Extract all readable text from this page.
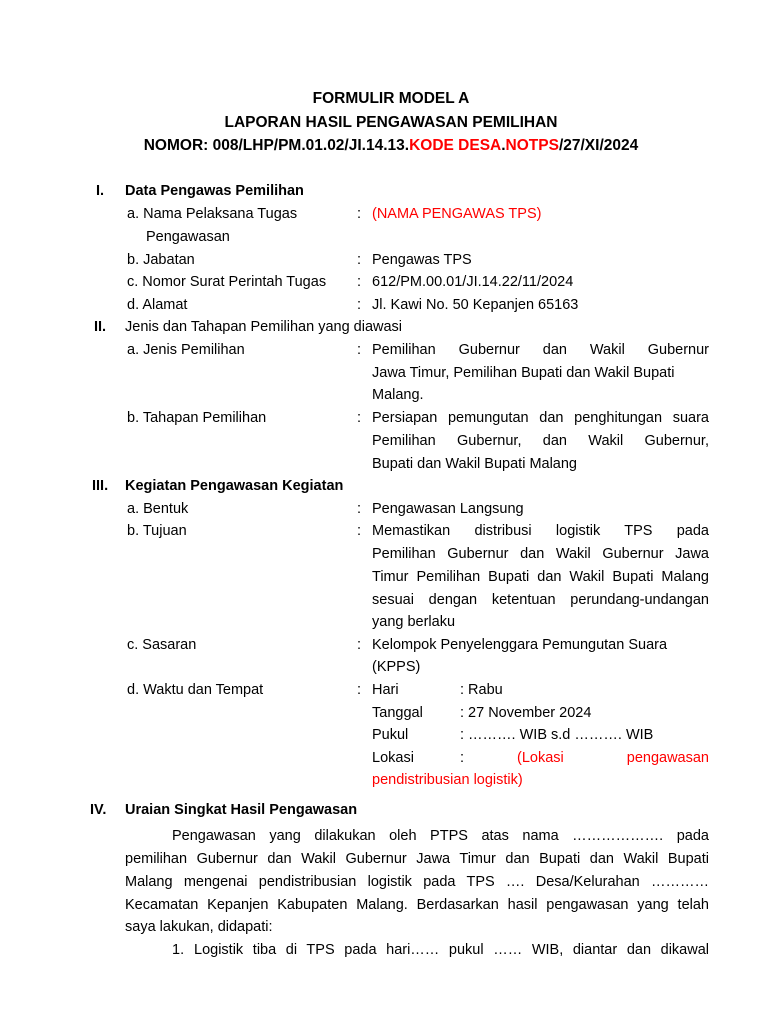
FORMULIR MODEL A
LAPORAN HASIL PENGAWASAN PEMILIHAN
NOMOR: 008/LHP/PM.01.02/JI.14.13.KODE DESA.NOTPS/27/XI/2024
I. Data Pengawas Pemilihan
a. Nama Pelaksana Tugas
Pengawasan
: (NAMA PENGAWAS TPS)
b. Jabatan	: Pengawas TPS
c. Nomor Surat Perintah Tugas : 612/PM.00.01/JI.14.22/11/2024
d. Alamat	: Jl. Kawi No. 50 Kepanjen 65163
II. Jenis dan Tahapan Pemilihan yang diawasi
a. Jenis Pemilihan	: Pemilihan Gubernur dan Wakil Gubernur
Jawa Timur, Pemilihan Bupati dan Wakil Bupati
Malang.
b. Tahapan Pemilihan	: Persiapan pemungutan dan penghitungan suara
Pemilihan Gubernur, dan Wakil Gubernur,
Bupati dan Wakil Bupati Malang
III. Kegiatan Pengawasan Kegiatan
a. Bentuk	: Pengawasan Langsung
b. Tujuan	: Memastikan distribusi logistik TPS pada
Pemilihan Gubernur dan Wakil Gubernur Jawa
Timur Pemilihan Bupati dan Wakil Bupati Malang
sesuai dengan ketentuan perundang-undangan
yang berlaku
c. Sasaran	: Kelompok Penyelenggara Pemungutan Suara
(KPPS)
d. Waktu dan Tempat	: Hari	: Rabu
Tanggal	: 27 November 2024
Pukul	: ………. WIB s.d ………. WIB
Lokasi	:	(Lokasi pengawasan
pendistribusian logistik)
IV. Uraian Singkat Hasil Pengawasan
Pengawasan yang dilakukan oleh PTPS atas nama ………………. pada
pemilihan Gubernur dan Wakil Gubernur Jawa Timur dan Bupati dan Wakil Bupati
Malang mengenai pendistribusian logistik pada TPS …. Desa/Kelurahan …………
Kecamatan Kepanjen Kabupaten Malang. Berdasarkan hasil pengawasan yang telah
saya lakukan, didapati:
1. Logistik tiba di TPS pada hari…… pukul …… WIB, diantar dan dikawal
